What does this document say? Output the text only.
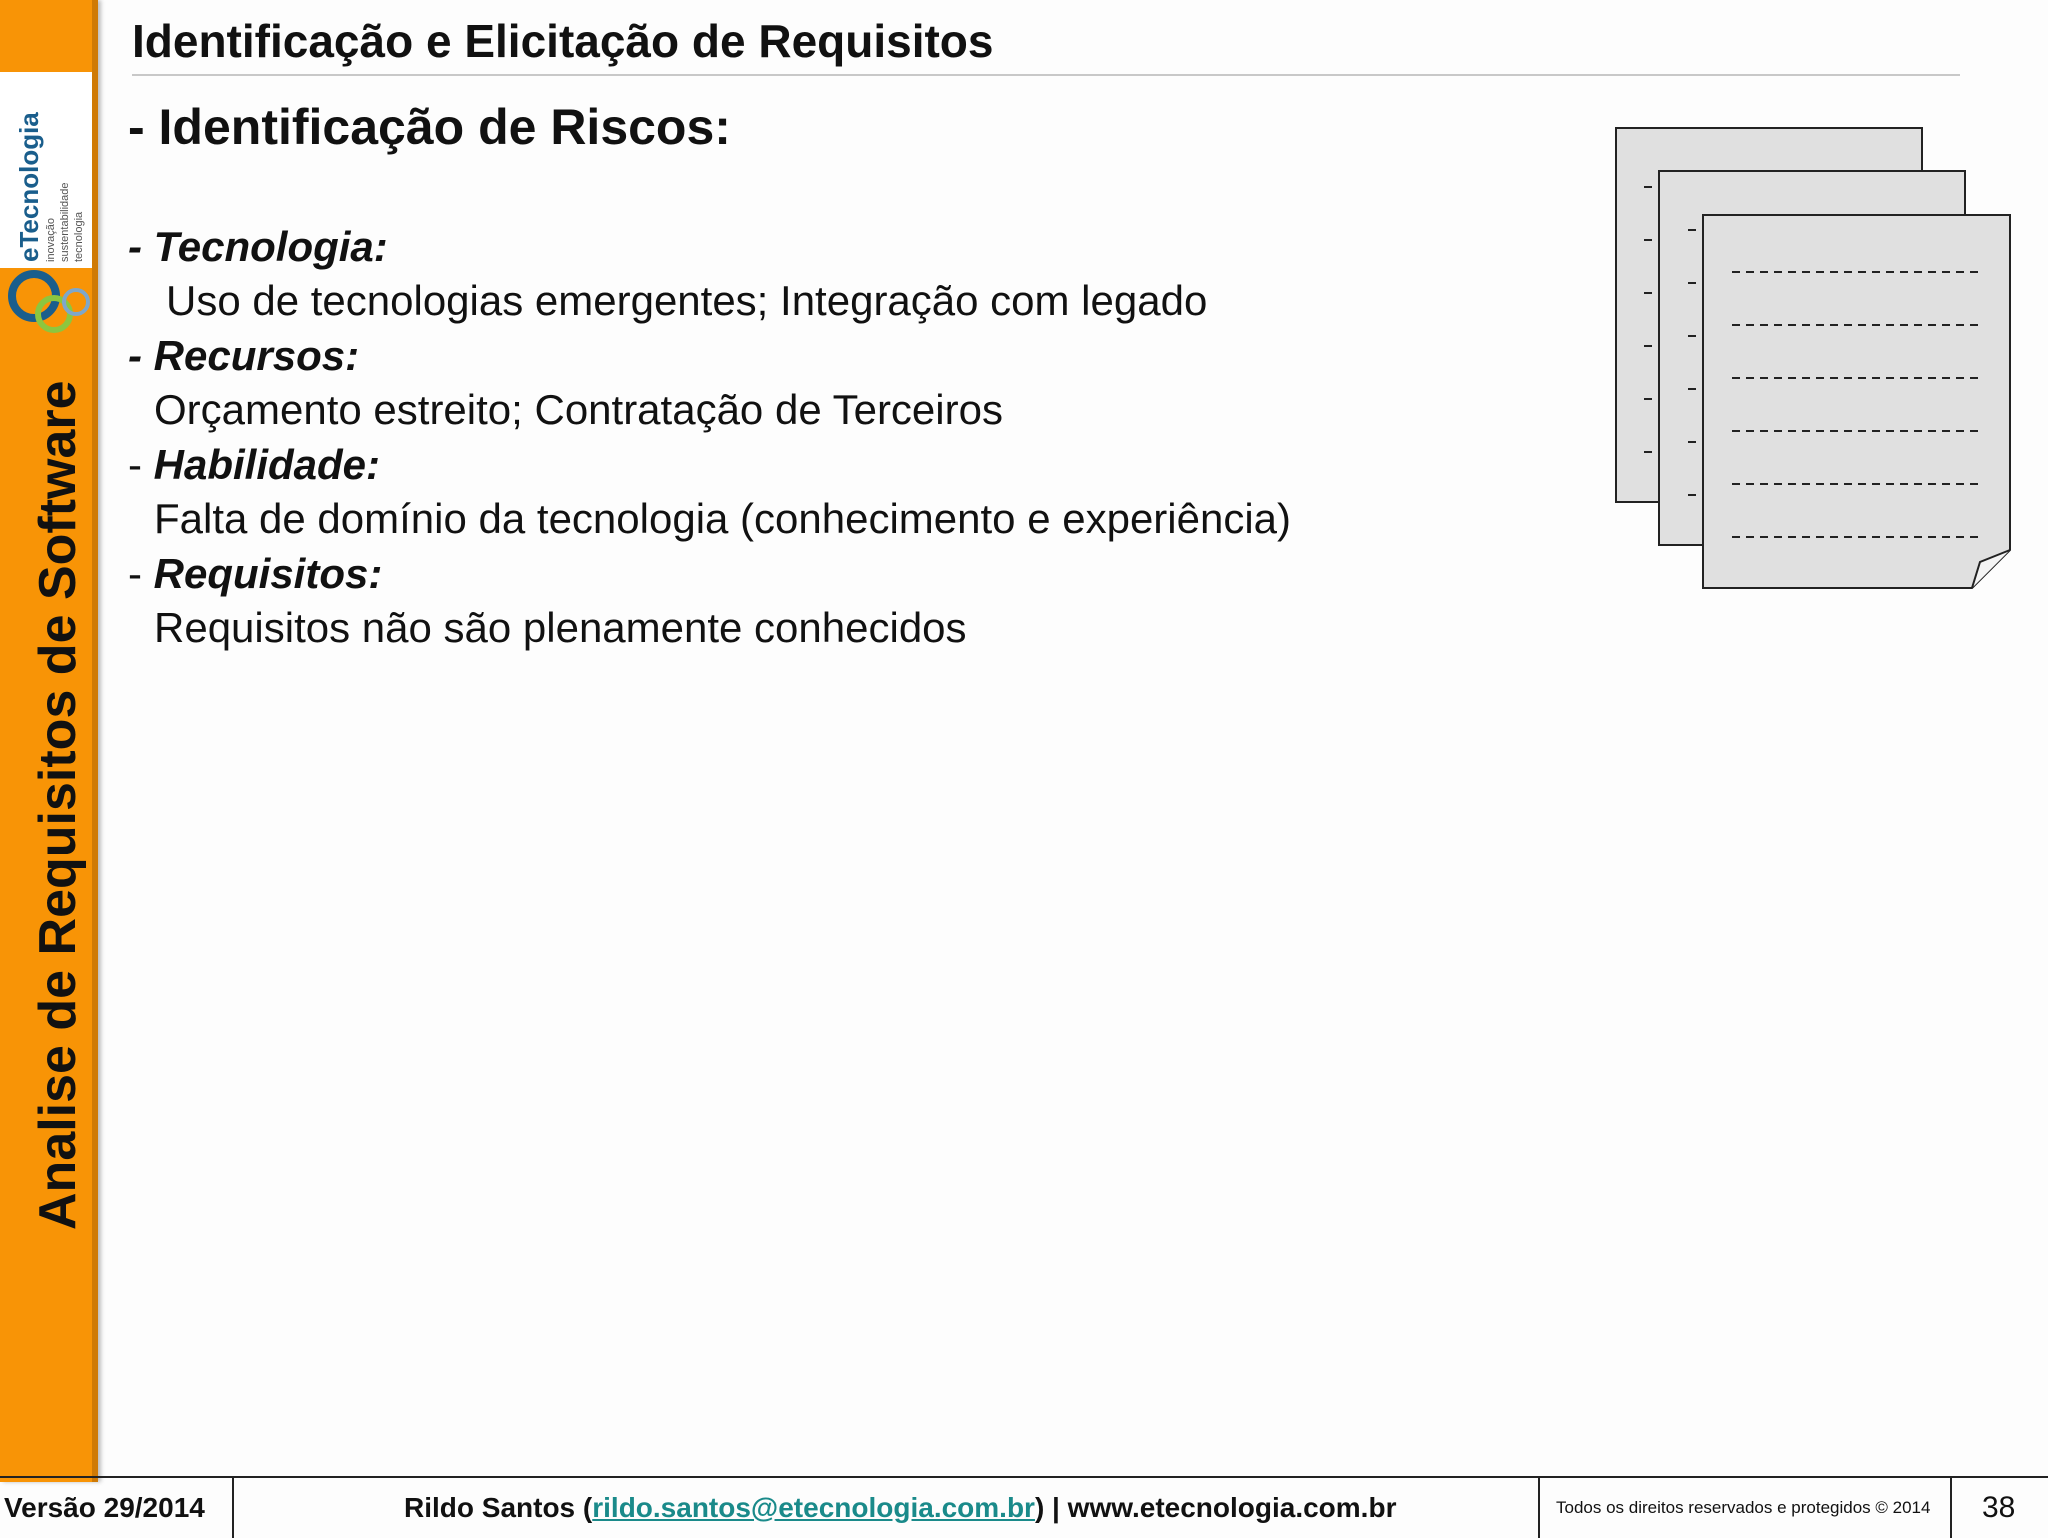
eTecnologia inovação sustentabilidade tecnologia
Analise de Requisitos de Software
Identificação e Elicitação de Requisitos
- Identificação de Riscos:
- Tecnologia:
Uso de tecnologias emergentes; Integração com legado
- Recursos:
Orçamento estreito; Contratação de Terceiros
- Habilidade:
Falta de domínio da tecnologia (conhecimento e experiência)
- Requisitos:
Requisitos não são plenamente conhecidos
Versão 29/2014	Rildo Santos ( rildo.santos@etecnologia.com.br ) | www.etecnologia.com.br	Todos os direitos reservados e protegidos © 2014 38
